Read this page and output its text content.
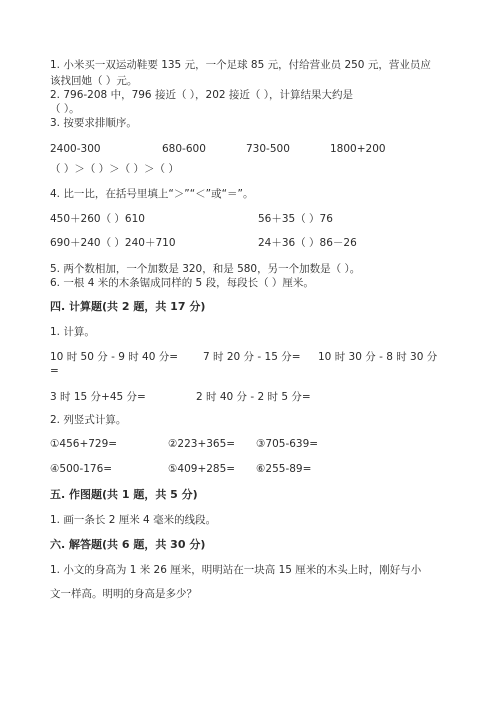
1. 小米买一双运动鞋要 135 元，一个足球 85 元，付给营业员 250 元，营业员应
该找回她（ ）元。
2. 796-208 中，796 接近（ ），202 接近（ ），计算结果大约是
（ ）。
3. 按要求排顺序。
2400-300	680-600	730-500	1800+200
（ ）＞（ ）＞（ ）＞（ ）
4. 比一比，在括号里填上“＞”“＜”或“＝”。
450＋260（ ）610	56＋35（ ）76
690＋240（ ）240＋710	24＋36（ ）86－26
5. 两个数相加，一个加数是 320，和是 580，另一个加数是（ ）。
6. 一根 4 米的木条锯成同样的 5 段，每段长（ ）厘米。
四. 计算题(共 2 题，共 17 分)
1. 计算。
10 时 50 分 - 9 时 40 分= 7 时 20 分 - 15 分= 10 时 30 分 - 8 时 30 分
=
3 时 15 分+45 分=	2 时 40 分 - 2 时 5 分=
2. 列竖式计算。
①456+729=	②223+365= ③705-639=
④500-176=	⑤409+285= ⑥255-89=
五. 作图题(共 1 题，共 5 分)
1. 画一条长 2 厘米 4 毫米的线段。
六. 解答题(共 6 题，共 30 分)
1. 小文的身高为 1 米 26 厘米，明明站在一块高 15 厘米的木头上时，刚好与小
文一样高。明明的身高是多少？
